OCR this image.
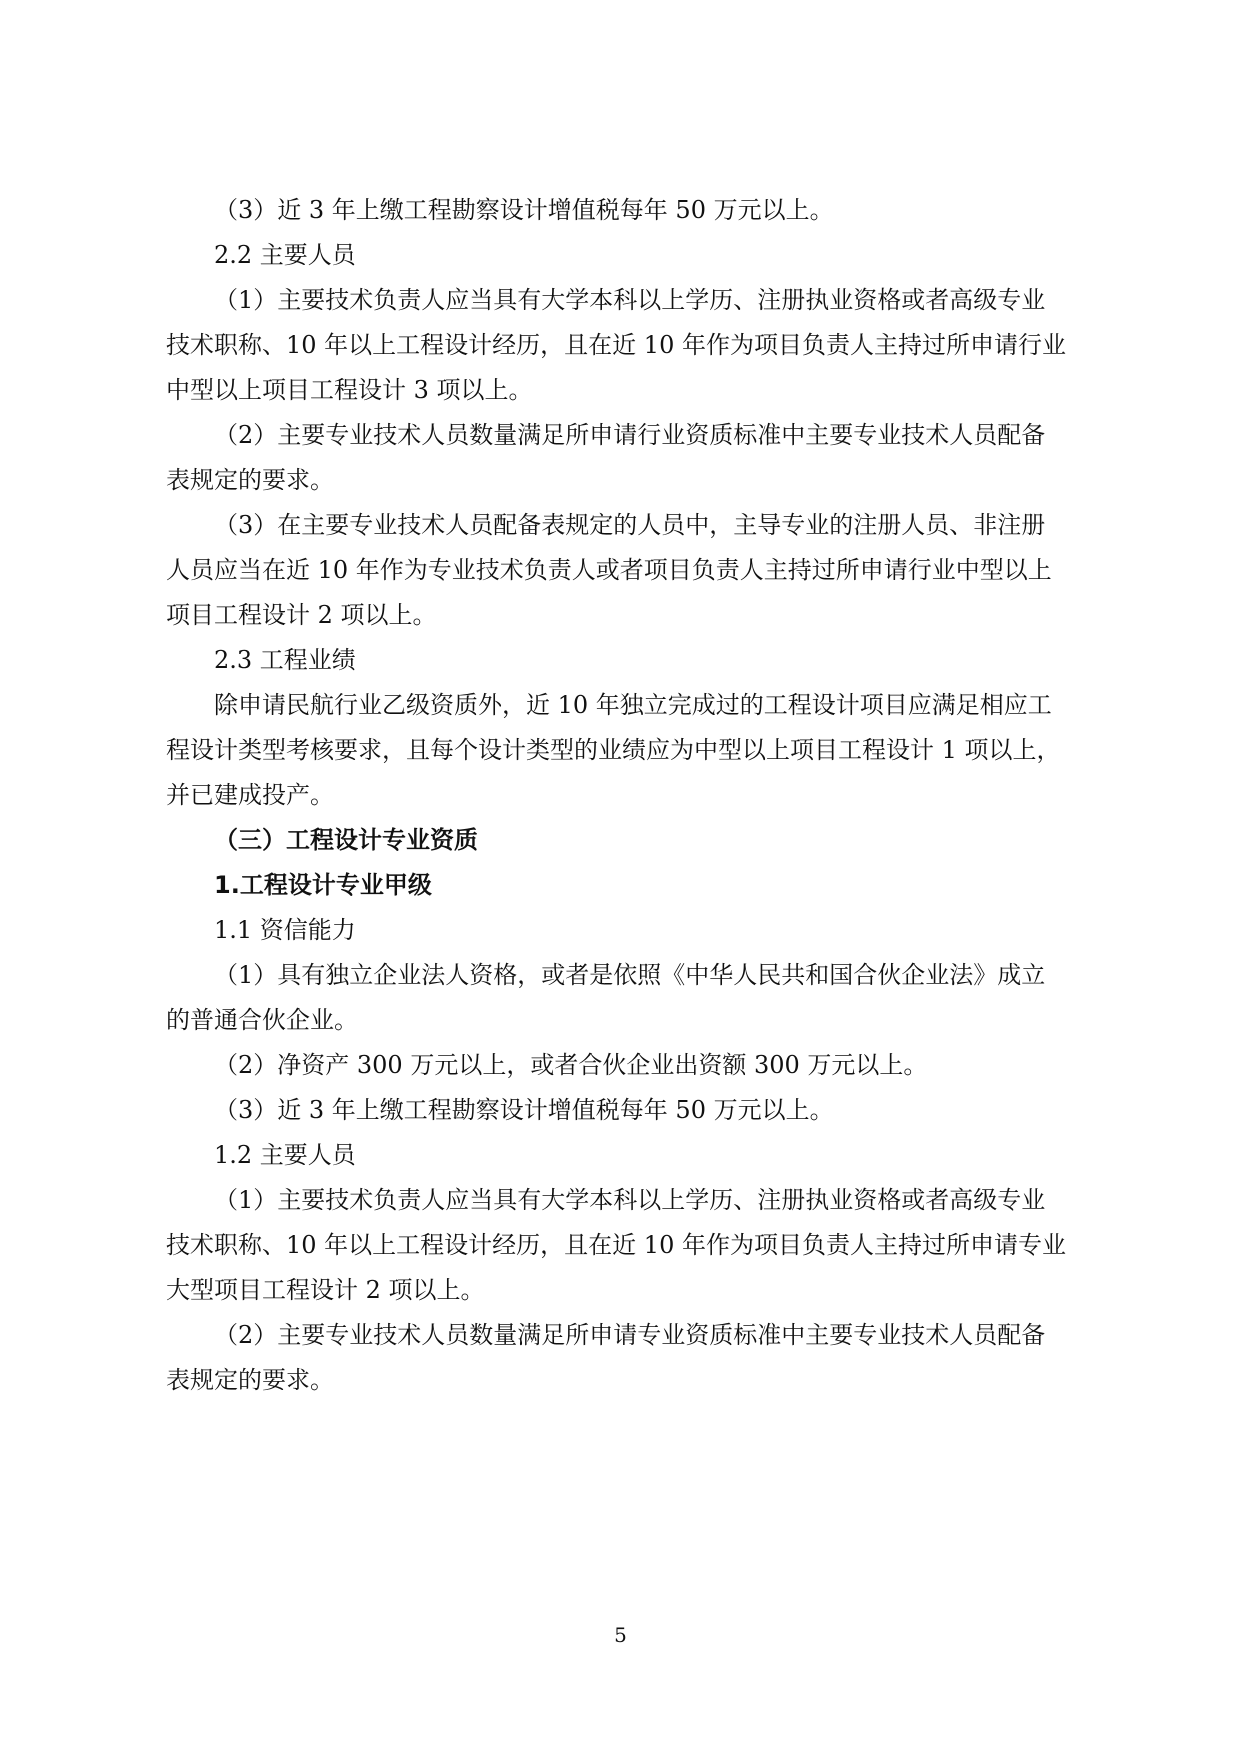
（3）近 3 年上缴工程勘察设计增值税每年 50 万元以上。
2.2 主要人员
（1）主要技术负责人应当具有大学本科以上学历、注册执业资格或者高级专业
技术职称、10 年以上工程设计经历，且在近 10 年作为项目负责人主持过所申请行业
中型以上项目工程设计 3 项以上。
（2）主要专业技术人员数量满足所申请行业资质标准中主要专业技术人员配备
表规定的要求。
（3）在主要专业技术人员配备表规定的人员中，主导专业的注册人员、非注册
人员应当在近 10 年作为专业技术负责人或者项目负责人主持过所申请行业中型以上
项目工程设计 2 项以上。
2.3 工程业绩
除申请民航行业乙级资质外，近 10 年独立完成过的工程设计项目应满足相应工
程设计类型考核要求，且每个设计类型的业绩应为中型以上项目工程设计 1 项以上，
并已建成投产。
（三）工程设计专业资质
1.工程设计专业甲级
1.1 资信能力
（1）具有独立企业法人资格，或者是依照《中华人民共和国合伙企业法》成立
的普通合伙企业。
（2）净资产 300 万元以上，或者合伙企业出资额 300 万元以上。
（3）近 3 年上缴工程勘察设计增值税每年 50 万元以上。
1.2 主要人员
（1）主要技术负责人应当具有大学本科以上学历、注册执业资格或者高级专业
技术职称、10 年以上工程设计经历，且在近 10 年作为项目负责人主持过所申请专业
大型项目工程设计 2 项以上。
（2）主要专业技术人员数量满足所申请专业资质标准中主要专业技术人员配备
表规定的要求。
5
